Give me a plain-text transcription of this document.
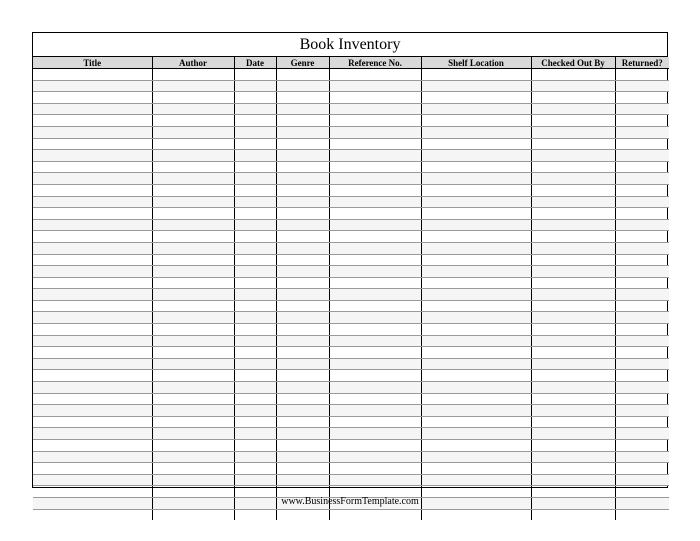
Book Inventory
Title	Author	Date	Genre	Reference No.	Shelf Location	Checked Out By	Returned?

www.BusinessFormTemplate.com
